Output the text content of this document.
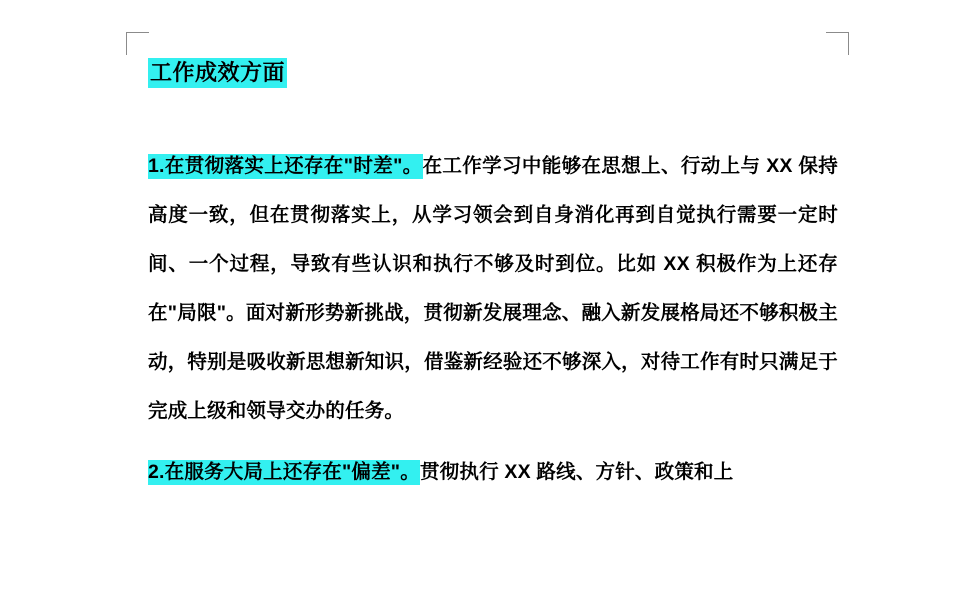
工作成效方面

1.在贯彻落实上还存在"时差"。在工作学习中能够在思想上、行动上与 XX 保持高度一致，但在贯彻落实上，从学习领会到自身消化再到自觉执行需要一定时间、一个过程，导致有些认识和执行不够及时到位。比如 XX 积极作为上还存在"局限"。面对新形势新挑战，贯彻新发展理念、融入新发展格局还不够积极主动，特别是吸收新思想新知识，借鉴新经验还不够深入，对待工作有时只满足于完成上级和领导交办的任务。

2.在服务大局上还存在"偏差"。贯彻执行 XX 路线、方针、政策和上
